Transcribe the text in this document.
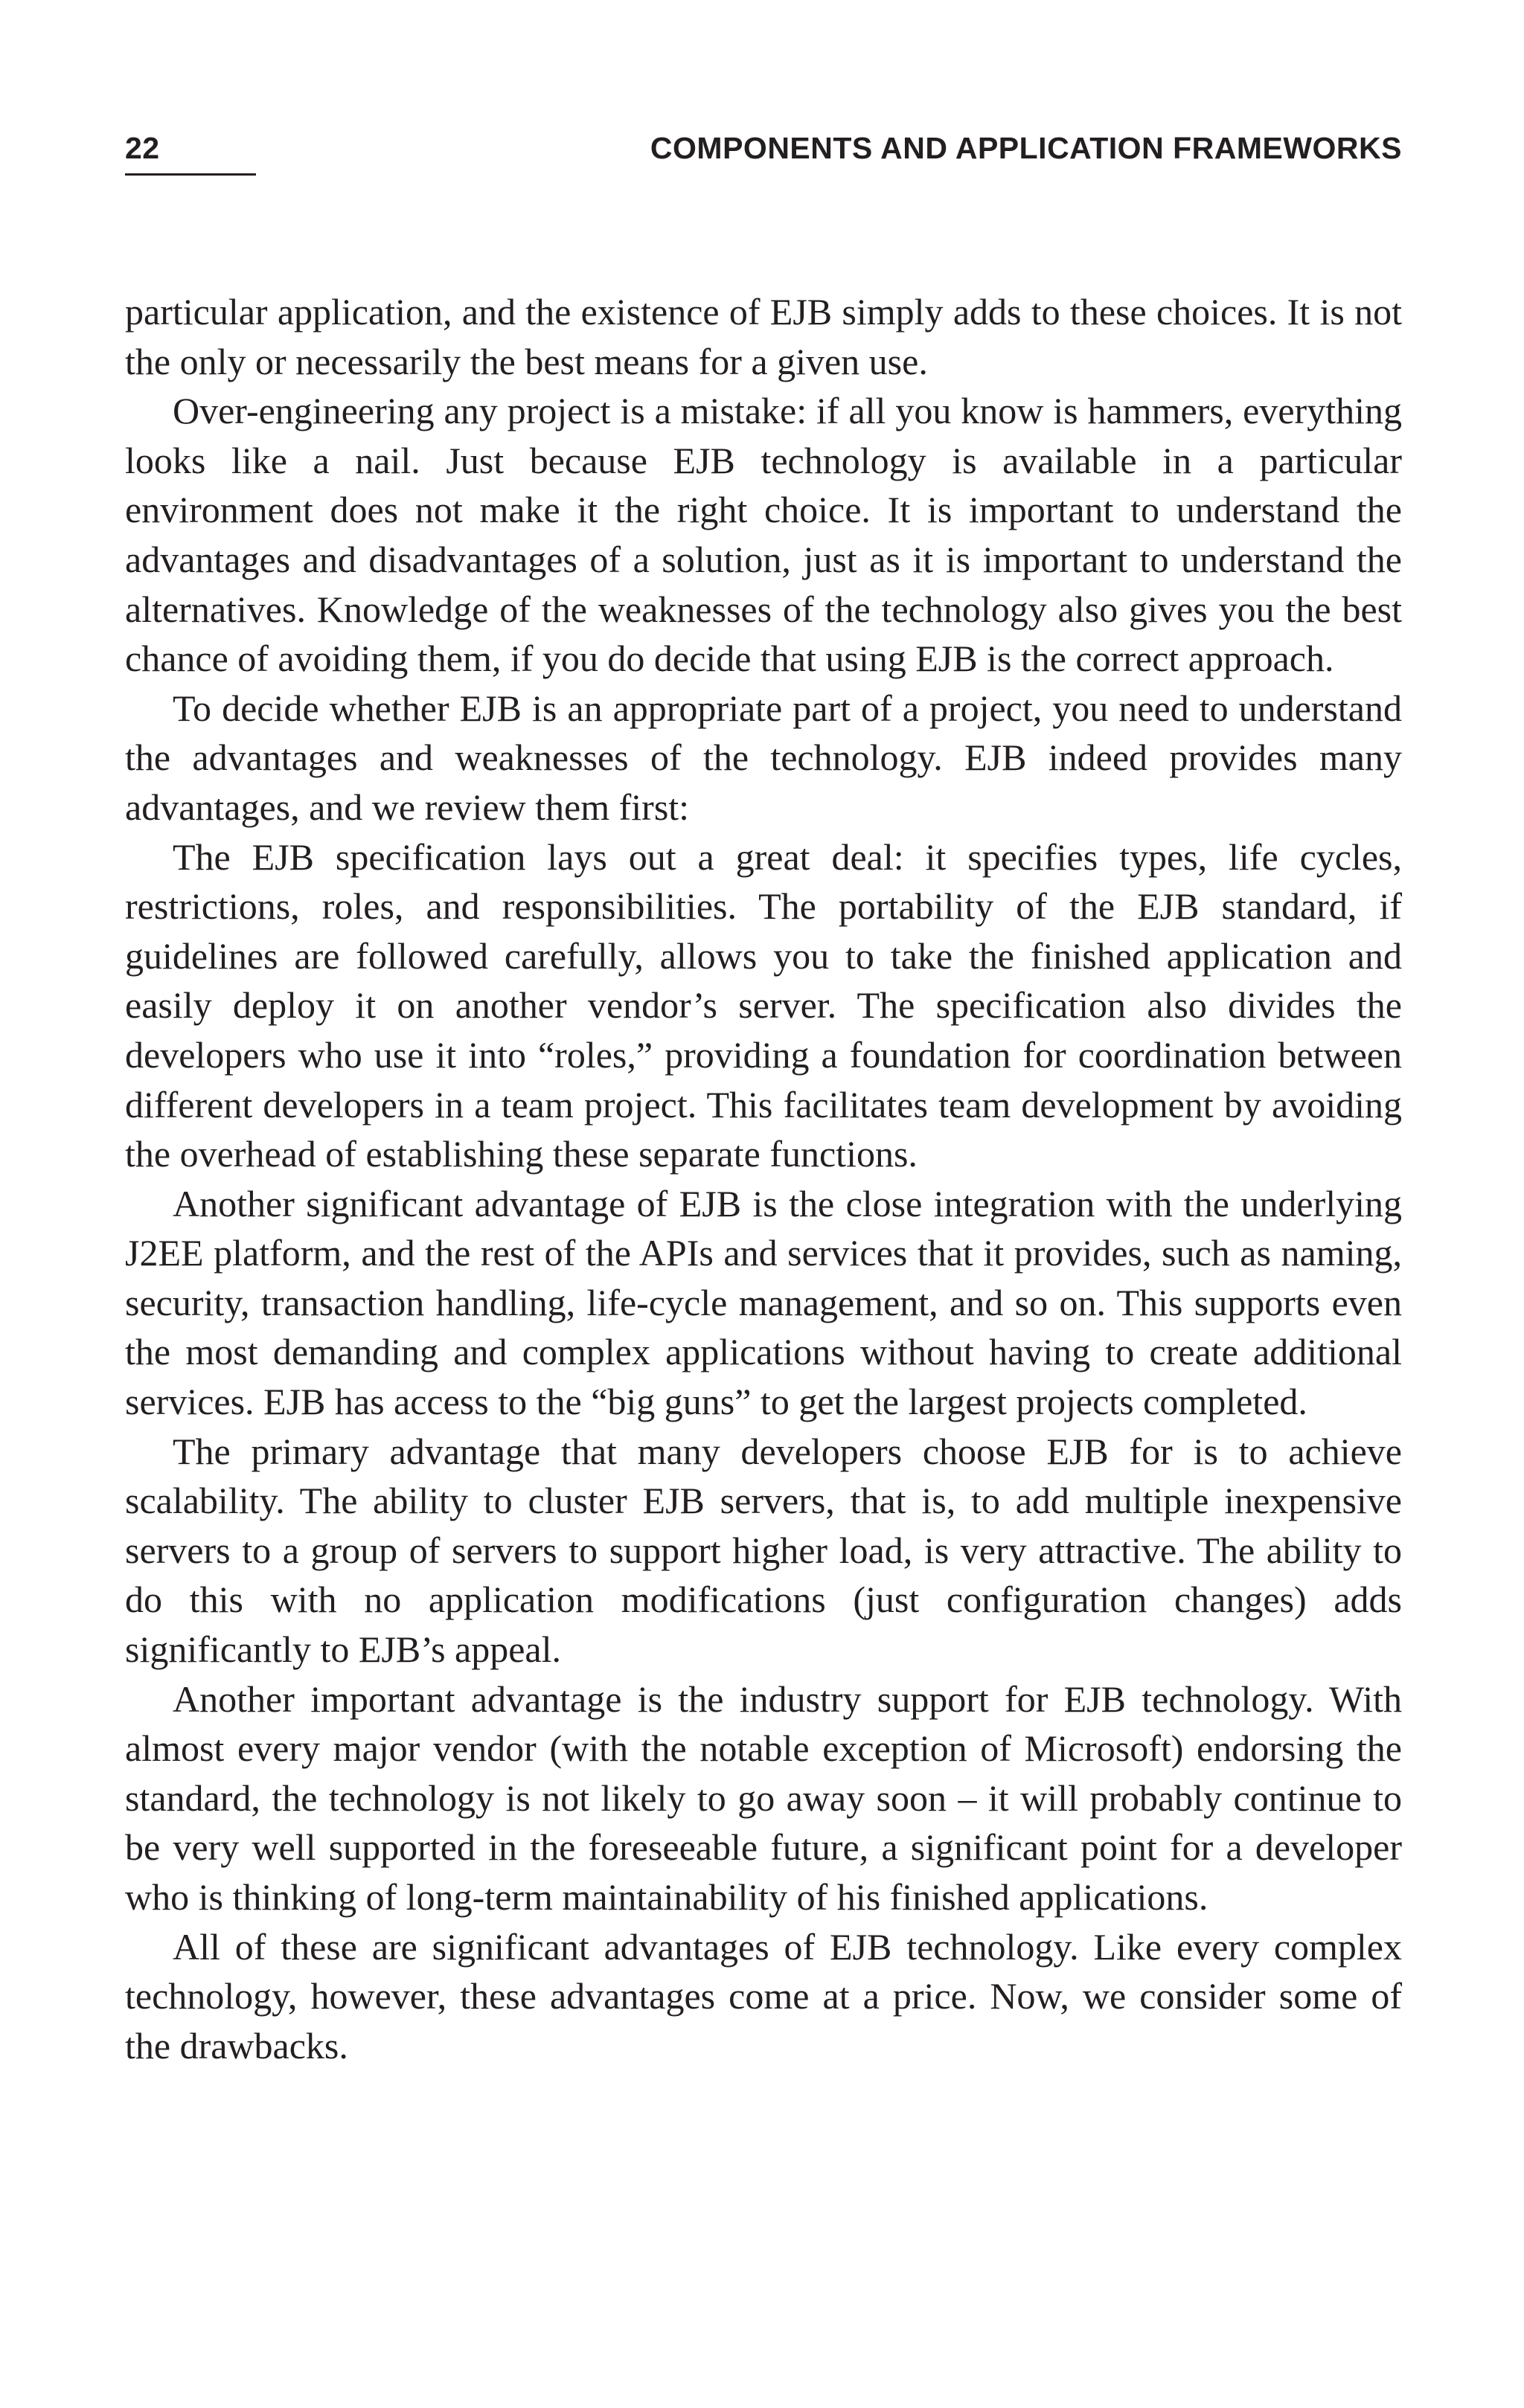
22	COMPONENTS AND APPLICATION FRAMEWORKS

particular application, and the existence of EJB simply adds to these choices. It is not the only or necessarily the best means for a given use.

Over-engineering any project is a mistake: if all you know is hammers, everything looks like a nail. Just because EJB technology is available in a particular environment does not make it the right choice. It is important to understand the advantages and disadvantages of a solution, just as it is important to understand the alternatives. Knowledge of the weaknesses of the technology also gives you the best chance of avoiding them, if you do decide that using EJB is the correct approach.

To decide whether EJB is an appropriate part of a project, you need to understand the advantages and weaknesses of the technology. EJB indeed provides many advantages, and we review them first:

The EJB specification lays out a great deal: it specifies types, life cycles, restrictions, roles, and responsibilities. The portability of the EJB standard, if guidelines are followed carefully, allows you to take the finished application and easily deploy it on another vendor’s server. The specification also divides the developers who use it into “roles,” providing a foundation for coordination between different developers in a team project. This facilitates team development by avoiding the overhead of establishing these separate functions.

Another significant advantage of EJB is the close integration with the underlying J2EE platform, and the rest of the APIs and services that it provides, such as naming, security, transaction handling, life-cycle management, and so on. This supports even the most demanding and complex applications without having to create additional services. EJB has access to the “big guns” to get the largest projects completed.

The primary advantage that many developers choose EJB for is to achieve scalability. The ability to cluster EJB servers, that is, to add multiple inexpensive servers to a group of servers to support higher load, is very attractive. The ability to do this with no application modifications (just configuration changes) adds significantly to EJB’s appeal.

Another important advantage is the industry support for EJB technology. With almost every major vendor (with the notable exception of Microsoft) endorsing the standard, the technology is not likely to go away soon – it will probably continue to be very well supported in the foreseeable future, a significant point for a developer who is thinking of long-term maintainability of his finished applications.

All of these are significant advantages of EJB technology. Like every complex technology, however, these advantages come at a price. Now, we consider some of the drawbacks.
